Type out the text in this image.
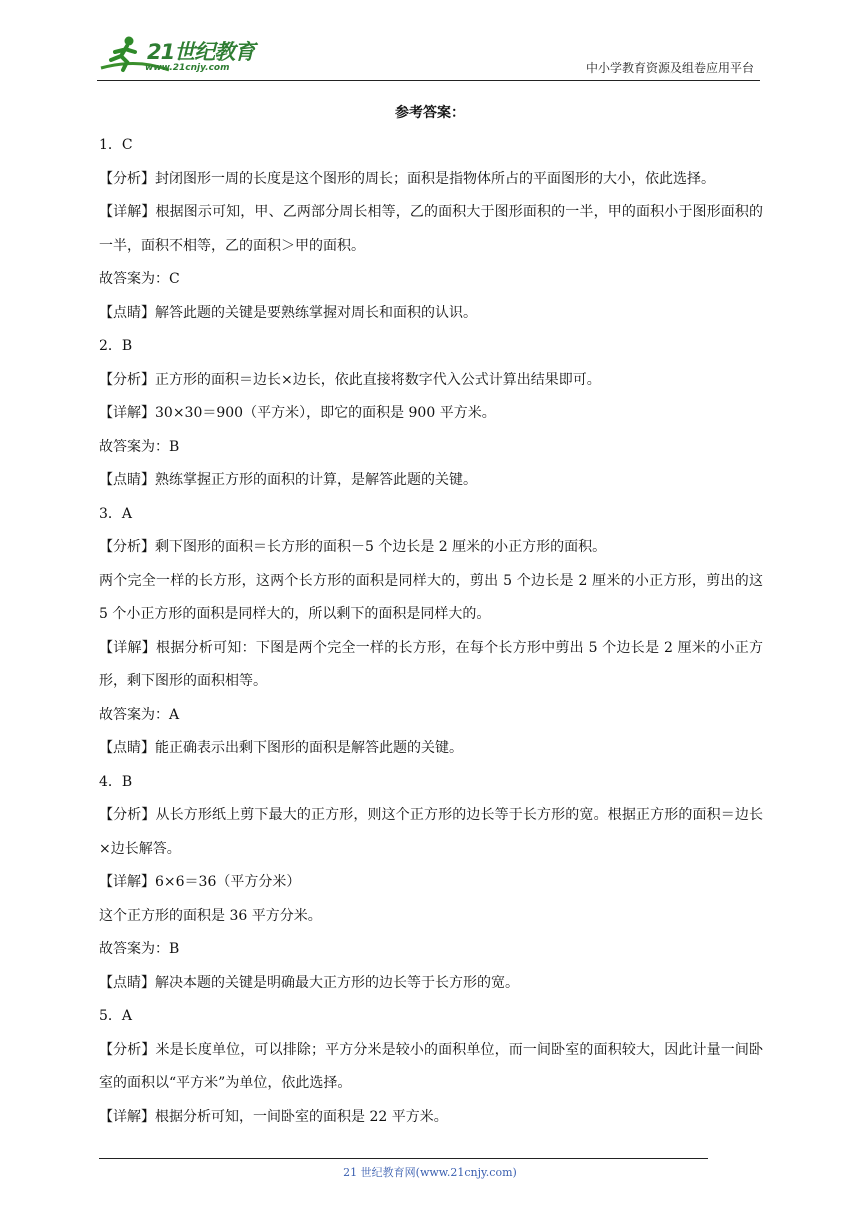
21世纪教育
www.21cnjy.com	中小学教育资源及组卷应用平台
参考答案：

1．C

【分析】封闭图形一周的长度是这个图形的周长；面积是指物体所占的平面图形的大小，依此选择。

【详解】根据图示可知，甲、乙两部分周长相等，乙的面积大于图形面积的一半，甲的面积小于图形面积的一半，面积不相等，乙的面积＞甲的面积。

故答案为：C

【点睛】解答此题的关键是要熟练掌握对周长和面积的认识。

2．B

【分析】正方形的面积＝边长×边长，依此直接将数字代入公式计算出结果即可。

【详解】30×30＝900（平方米），即它的面积是 900 平方米。

故答案为：B

【点睛】熟练掌握正方形的面积的计算，是解答此题的关键。

3．A

【分析】剩下图形的面积＝长方形的面积－5 个边长是 2 厘米的小正方形的面积。

两个完全一样的长方形，这两个长方形的面积是同样大的，剪出 5 个边长是 2 厘米的小正方形，剪出的这 5 个小正方形的面积是同样大的，所以剩下的面积是同样大的。

【详解】根据分析可知：下图是两个完全一样的长方形，在每个长方形中剪出 5 个边长是 2 厘米的小正方形，剩下图形的面积相等。

故答案为：A

【点睛】能正确表示出剩下图形的面积是解答此题的关键。

4．B

【分析】从长方形纸上剪下最大的正方形，则这个正方形的边长等于长方形的宽。根据正方形的面积＝边长×边长解答。

【详解】6×6＝36（平方分米）

这个正方形的面积是 36 平方分米。

故答案为：B

【点睛】解决本题的关键是明确最大正方形的边长等于长方形的宽。

5．A

【分析】米是长度单位，可以排除；平方分米是较小的面积单位，而一间卧室的面积较大，因此计量一间卧室的面积以“平方米”为单位，依此选择。

【详解】根据分析可知，一间卧室的面积是 22 平方米。

21 世纪教育网(www.21cnjy.com)
